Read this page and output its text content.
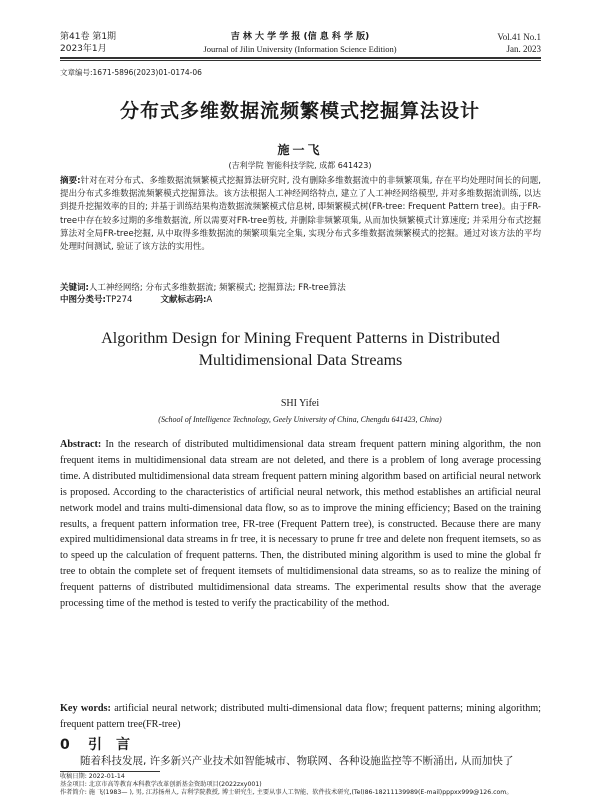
第41卷 第1期
2023年1月
吉 林 大 学 学 报 (信 息 科 学 版)
Journal of Jilin University (Information Science Edition)
Vol.41 No.1
Jan. 2023
文章编号:1671-5896(2023)01-0174-06
分布式多维数据流频繁模式挖掘算法设计
施一飞
(吉利学院 智能科技学院, 成都 641423)
摘要:针对在对分布式、多维数据流频繁模式挖掘算法研究时, 没有删除多维数据流中的非频繁项集, 存在平均处理时间长的问题, 提出分布式多维数据流频繁模式挖掘算法。该方法根据人工神经网络特点, 建立了人工神经网络模型, 并对多维数据流训练, 以达到提升挖掘效率的目的; 并基于训练结果构造数据流频繁模式信息树, 即频繁模式树(FR-tree: Frequent Pattern tree)。由于FR-tree中存在较多过期的多维数据流, 所以需要对FR-tree剪枝, 并删除非频繁项集, 从而加快频繁模式计算速度; 并采用分布式挖掘算法对全局FR-tree挖掘, 从中取得多维数据流的频繁项集完全集, 实现分布式多维数据流频繁模式的挖掘。通过对该方法的平均处理时间测试, 验证了该方法的实用性。
关键词:人工神经网络; 分布式多维数据流; 频繁模式; 挖掘算法; FR-tree算法
中图分类号:TP274	文献标志码:A
Algorithm Design for Mining Frequent Patterns in Distributed
Multidimensional Data Streams
SHI Yifei
(School of Intelligence Technology, Geely University of China, Chengdu 641423, China)
Abstract: In the research of distributed multidimensional data stream frequent pattern mining algorithm, the non frequent items in multidimensional data stream are not deleted, and there is a problem of long average processing time. A distributed multidimensional data stream frequent pattern mining algorithm based on artificial neural network is proposed. According to the characteristics of artificial neural network, this method establishes an artificial neural network model and trains multi-dimensional data flow, so as to improve the mining efficiency; Based on the training results, a frequent pattern information tree, FR-tree (Frequent Pattern tree), is constructed. Because there are many expired multidimensional data streams in fr tree, it is necessary to prune fr tree and delete non frequent itemsets, so as to speed up the calculation of frequent patterns. Then, the distributed mining algorithm is used to mine the global fr tree to obtain the complete set of frequent itemsets of multidimensional data streams, so as to realize the mining of frequent patterns of distributed multidimensional data streams. The experimental results show that the average processing time of the method is tested to verify the practicability of the method.
Key words: artificial neural network; distributed multi-dimensional data flow; frequent patterns; mining algorithm; frequent pattern tree(FR-tree)
0 引言
随着科技发展, 许多新兴产业技术如智能城市、物联网、各种设施监控等不断涌出, 从而加快了
收稿日期: 2022-01-14
基金项目: 北京市高等教育本科教学改革创新基金资助项目(2022zxy001)
作者简介: 施 飞(1983— ), 男, 江苏扬州人, 吉利学院教授, 博士研究生, 主要从事人工智能、软件技术研究,(Tel)86-18211139989(E-mail)pppxx999@126.com。
